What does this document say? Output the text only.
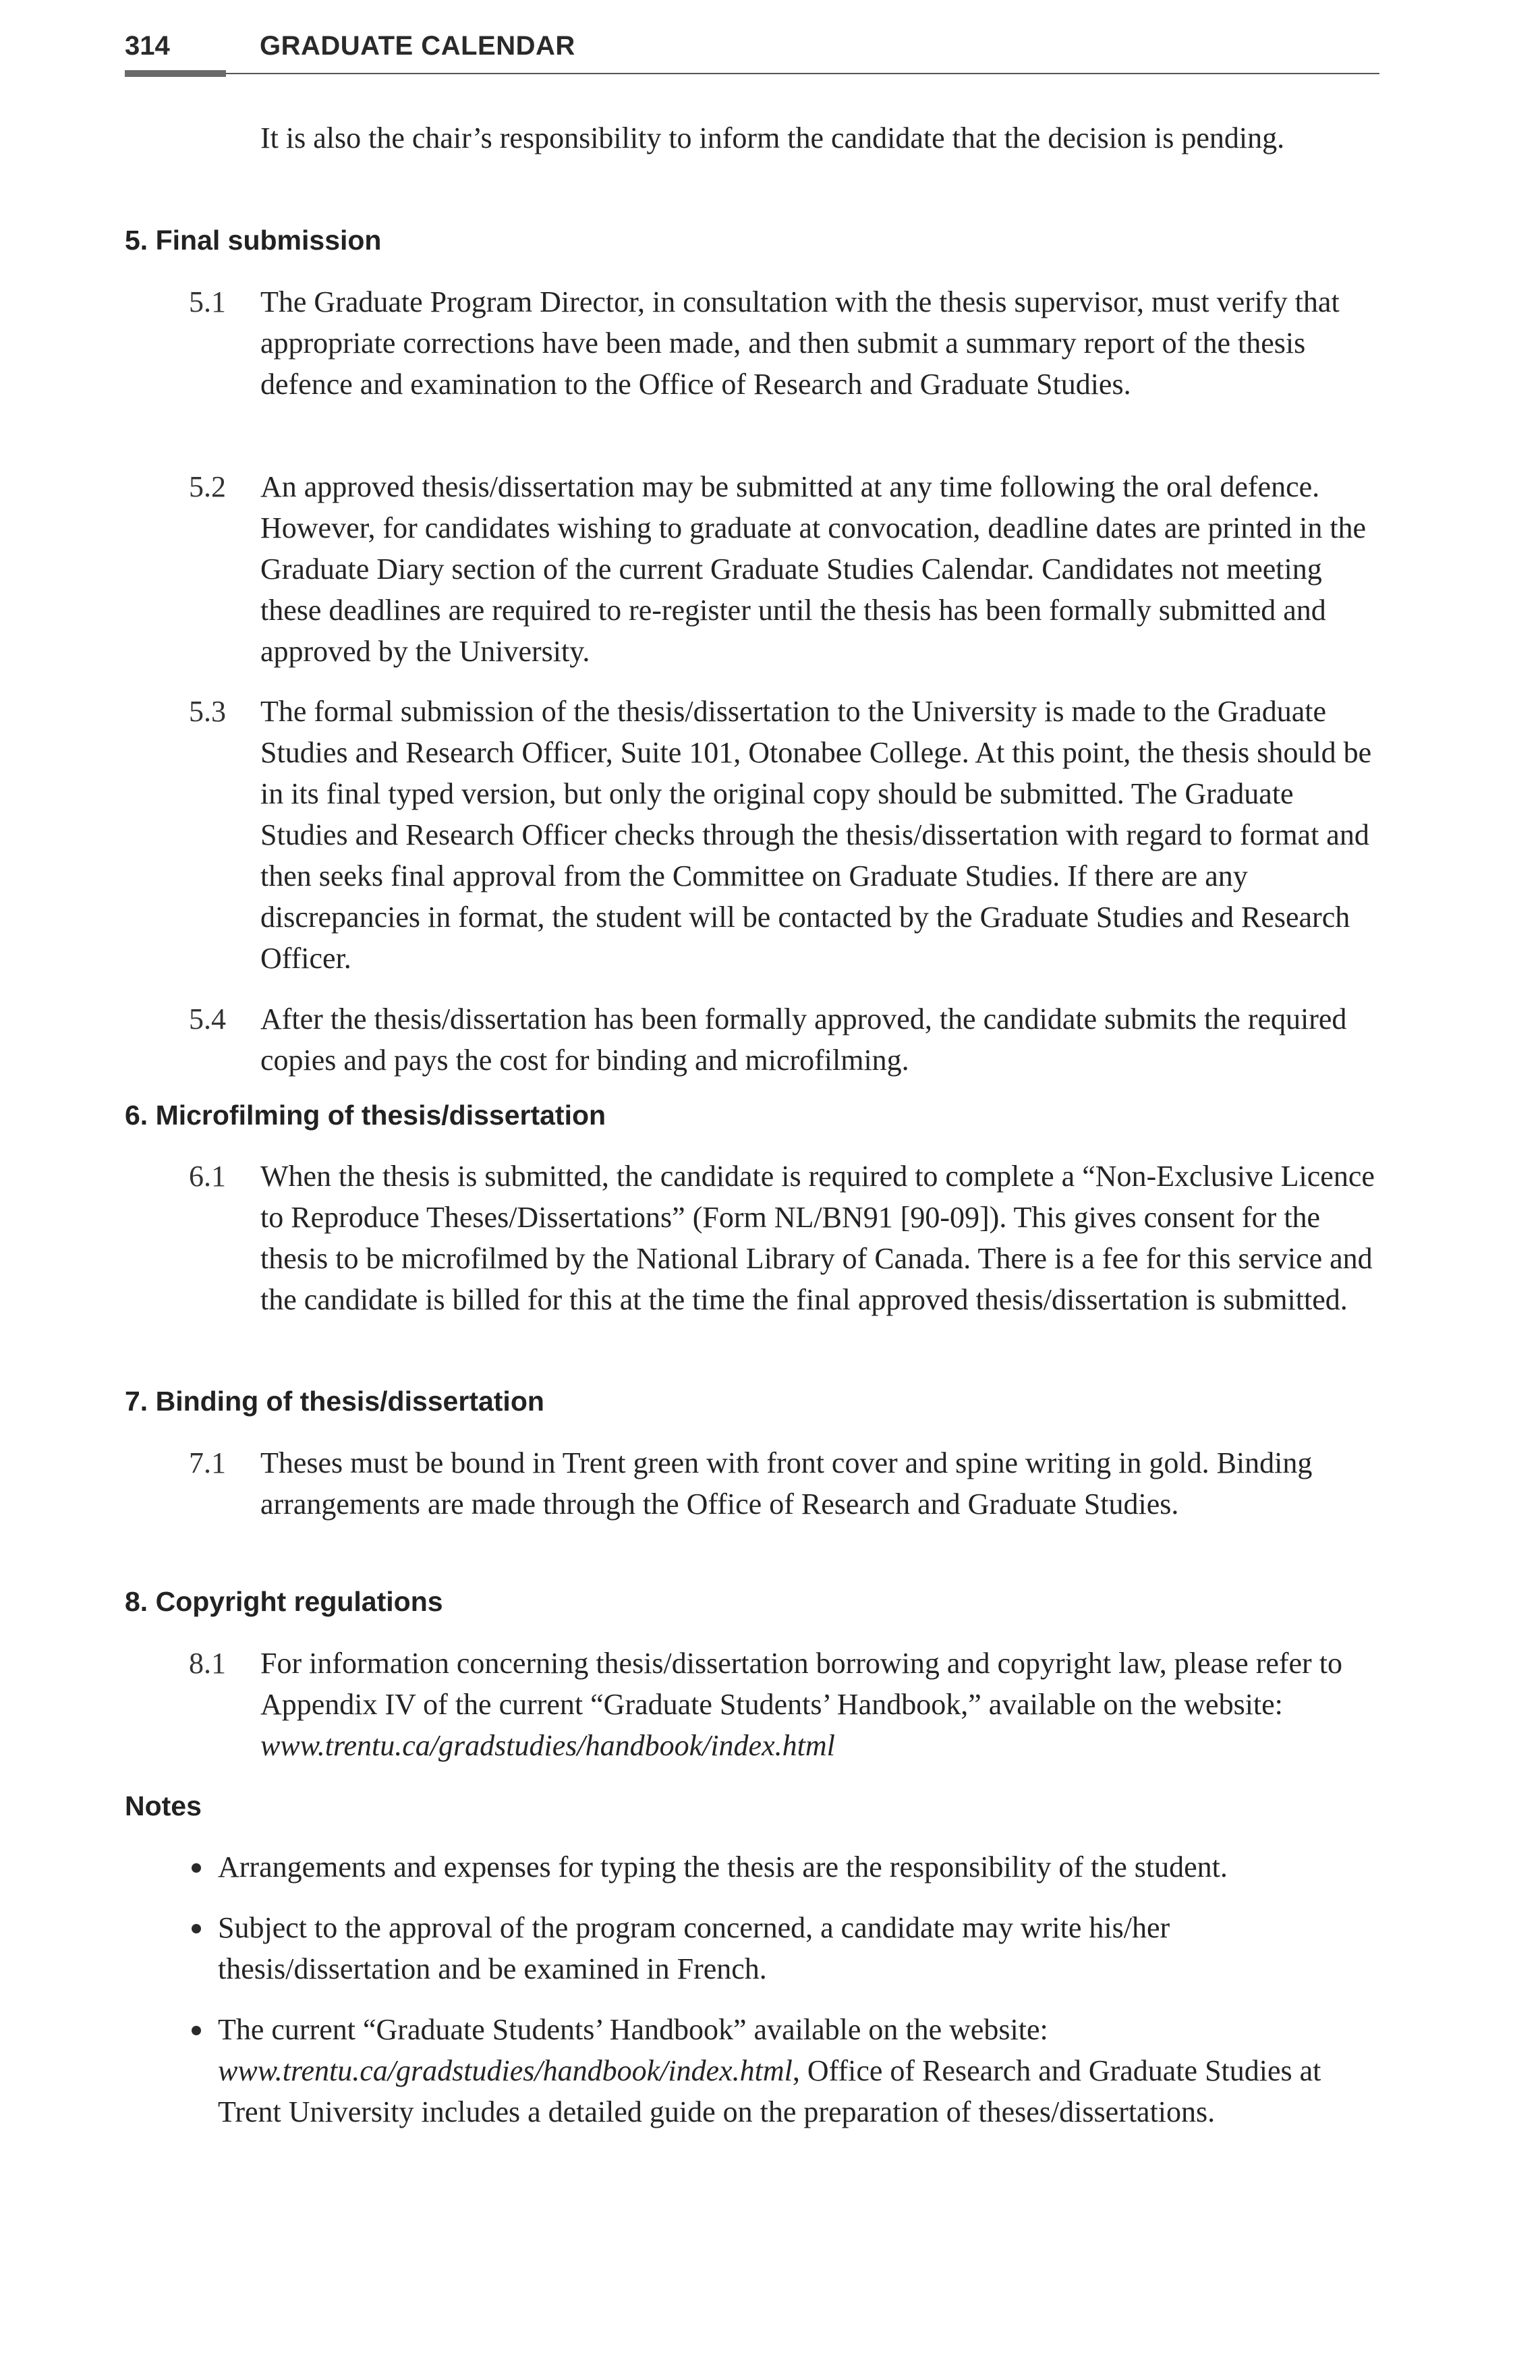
314	GRADUATE CALENDAR

It is also the chair’s responsibility to inform the candidate that the decision is pending.

5. Final submission
5.1	The Graduate Program Director, in consultation with the thesis supervisor, must verify that appropriate corrections have been made, and then submit a summary report of the thesis defence and examination to the Office of Research and Graduate Studies.

5.2	An approved thesis/dissertation may be submitted at any time following the oral defence. However, for candidates wishing to graduate at convocation, deadline dates are printed in the Graduate Diary section of the current Graduate Studies Calendar. Candidates not meeting these deadlines are required to re-register until the thesis has been formally submitted and approved by the University.

5.3	The formal submission of the thesis/dissertation to the University is made to the Graduate Studies and Research Officer, Suite 101, Otonabee College. At this point, the thesis should be in its final typed version, but only the original copy should be submitted. The Graduate Studies and Research Officer checks through the thesis/dissertation with regard to format and then seeks final approval from the Committee on Graduate Studies. If there are any discrepancies in format, the student will be contacted by the Graduate Studies and Research Officer.

5.4	After the thesis/dissertation has been formally approved, the candidate submits the required copies and pays the cost for binding and microfilming.

6. Microfilming of thesis/dissertation
6.1	When the thesis is submitted, the candidate is required to complete a “Non-Exclusive Licence to Reproduce Theses/Dissertations” (Form NL/BN91 [90-09]). This gives consent for the thesis to be microfilmed by the National Library of Canada. There is a fee for this service and the candidate is billed for this at the time the final approved thesis/dissertation is submitted.

7. Binding of thesis/dissertation
7.1	Theses must be bound in Trent green with front cover and spine writing in gold. Binding arrangements are made through the Office of Research and Graduate Studies.

8. Copyright regulations
8.1	For information concerning thesis/dissertation borrowing and copyright law, please refer to Appendix IV of the current “Graduate Students’ Handbook,” available on the website: www.trentu.ca/gradstudies/handbook/index.html

Notes

Arrangements and expenses for typing the thesis are the responsibility of the student.

Subject to the approval of the program concerned, a candidate may write his/her thesis/dissertation and be examined in French.

The current “Graduate Students’ Handbook” available on the website: www.trentu.ca/gradstudies/handbook/index.html, Office of Research and Graduate Studies at Trent University includes a detailed guide on the preparation of theses/dissertations.
